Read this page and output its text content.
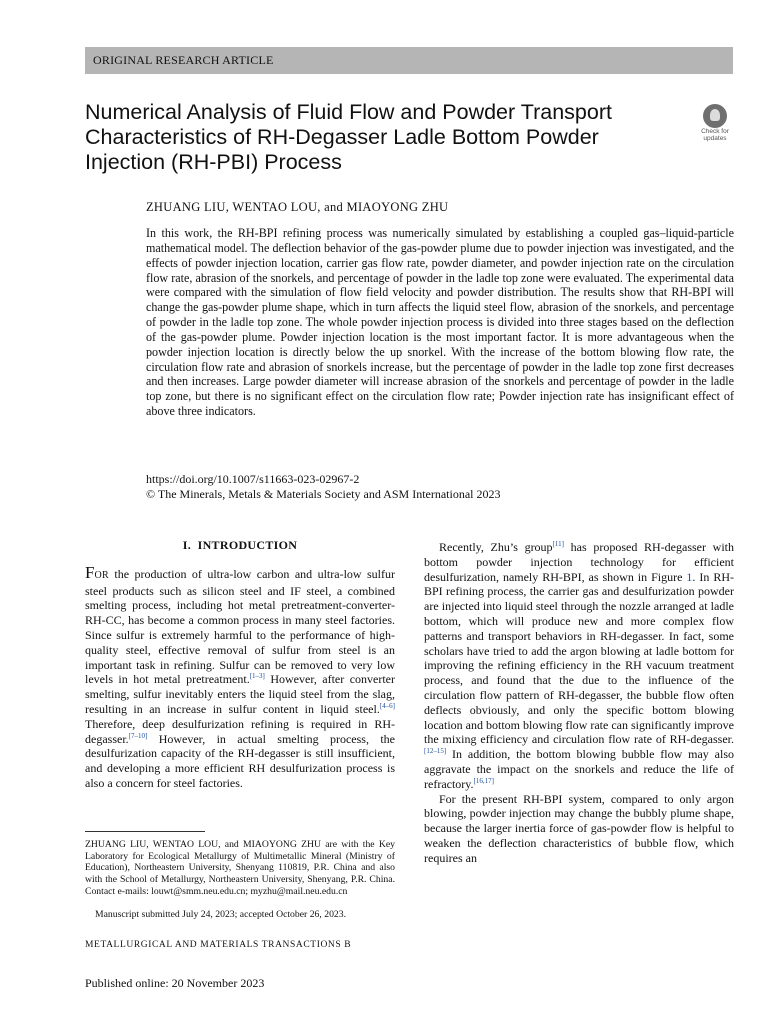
ORIGINAL RESEARCH ARTICLE
Numerical Analysis of Fluid Flow and Powder Transport Characteristics of RH-Degasser Ladle Bottom Powder Injection (RH-PBI) Process
Check for
updates
ZHUANG LIU, WENTAO LOU, and MIAOYONG ZHU

In this work, the RH-BPI refining process was numerically simulated by establishing a coupled gas–liquid-particle mathematical model. The deflection behavior of the gas-powder plume due to powder injection was investigated, and the effects of powder injection location, carrier gas flow rate, powder diameter, and powder injection rate on the circulation flow rate, abrasion of the snorkels, and percentage of powder in the ladle top zone were evaluated. The experimental data were compared with the simulation of flow field velocity and powder distribution. The results show that RH-BPI will change the gas-powder plume shape, which in turn affects the liquid steel flow, abrasion of the snorkels, and percentage of powder in the ladle top zone. The whole powder injection process is divided into three stages based on the deflection of the gas-powder plume. Powder injection location is the most important factor. It is more advantageous when the powder injection location is directly below the up snorkel. With the increase of the bottom blowing flow rate, the circulation flow rate and abrasion of snorkels increase, but the percentage of powder in the ladle top zone first decreases and then increases. Large powder diameter will increase abrasion of the snorkels and percentage of powder in the ladle top zone, but there is no significant effect on the circulation flow rate; Powder injection rate has insignificant effect of above three indicators.

https://doi.org/10.1007/s11663-023-02967-2
© The Minerals, Metals & Materials Society and ASM International 2023
I.  INTRODUCTION

FOR the production of ultra-low carbon and ultra-low sulfur steel products such as silicon steel and IF steel, a combined smelting process, including hot metal pretreatment-converter-RH-CC, has become a common process in many steel factories. Since sulfur is extremely harmful to the performance of high-quality steel, effective removal of sulfur from steel is an important task in refining. Sulfur can be removed to very low levels in hot metal pretreatment.[1–3] However, after converter smelting, sulfur inevitably enters the liquid steel from the slag, resulting in an increase in sulfur content in liquid steel.[4–6] Therefore, deep desulfurization refining is required in RH-degasser.[7–10] However, in actual smelting process, the desulfurization capacity of the RH-degasser is still insufficient, and developing a more efficient RH desulfurization process is also a concern for steel factories.

Recently, Zhu’s group[11] has proposed RH-degasser with bottom powder injection technology for efficient desulfurization, namely RH-BPI, as shown in Figure 1. In RH-BPI refining process, the carrier gas and desulfurization powder are injected into liquid steel through the nozzle arranged at ladle bottom, which will produce new and more complex flow patterns and transport behaviors in RH-degasser. In fact, some scholars have tried to add the argon blowing at ladle bottom for improving the refining efficiency in the RH vacuum treatment process, and found that the due to the influence of the circulation flow pattern of RH-degasser, the bubble flow often deflects obviously, and only the specific bottom blowing location and bottom blowing flow rate can significantly improve the mixing efficiency and circulation flow rate of RH-degasser.[12–15] In addition, the bottom blowing bubble flow may also aggravate the impact on the snorkels and reduce the life of refractory.[16,17]

For the present RH-BPI system, compared to only argon blowing, powder injection may change the bubbly plume shape, because the larger inertia force of gas-powder flow is helpful to weaken the deflection characteristics of bubble flow, which requires an

ZHUANG LIU, WENTAO LOU, and MIAOYONG ZHU are with the Key Laboratory for Ecological Metallurgy of Multimetallic Mineral (Ministry of Education), Northeastern University, Shenyang 110819, P.R. China and also with the School of Metallurgy, Northeastern University, Shenyang, P.R. China. Contact e-mails: louwt@smm.neu.edu.cn; myzhu@mail.neu.edu.cn

Manuscript submitted July 24, 2023; accepted October 26, 2023.
METALLURGICAL AND MATERIALS TRANSACTIONS B
Published online: 20 November 2023
